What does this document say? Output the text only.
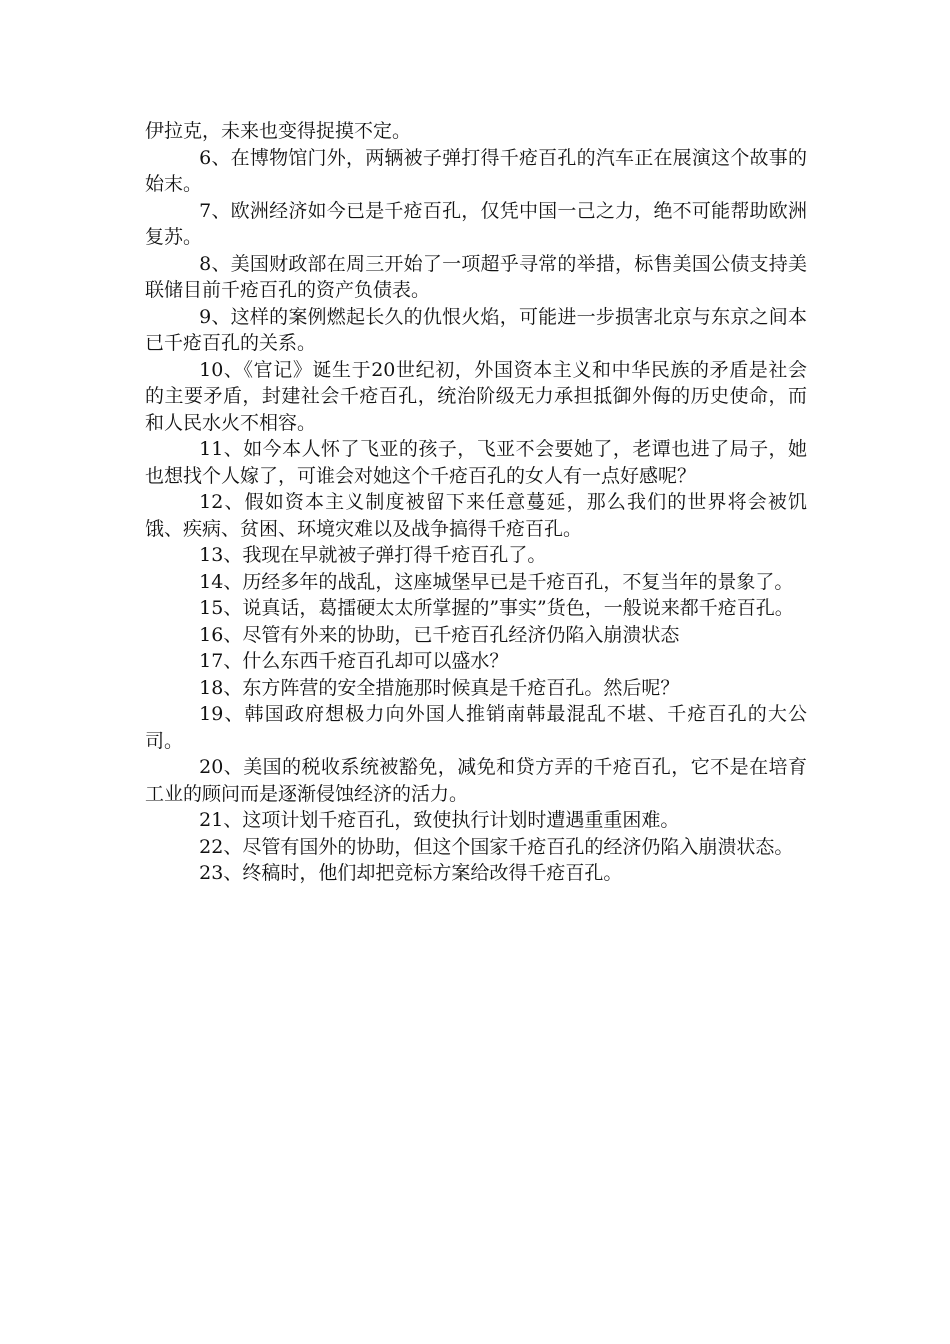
伊拉克，未来也变得捉摸不定。

6、在博物馆门外，两辆被子弹打得千疮百孔的汽车正在展演这个故事的始末。

7、欧洲经济如今已是千疮百孔，仅凭中国一己之力，绝不可能帮助欧洲复苏。

8、美国财政部在周三开始了一项超乎寻常的举措，标售美国公债支持美联储目前千疮百孔的资产负债表。

9、这样的案例燃起长久的仇恨火焰，可能进一步损害北京与东京之间本已千疮百孔的关系。

10、《官记》诞生于20世纪初，外国资本主义和中华民族的矛盾是社会的主要矛盾，封建社会千疮百孔，统治阶级无力承担抵御外侮的历史使命，而和人民水火不相容。

11、如今本人怀了飞亚的孩子，飞亚不会要她了，老谭也进了局子，她也想找个人嫁了，可谁会对她这个千疮百孔的女人有一点好感呢？

12、假如资本主义制度被留下来任意蔓延，那么我们的世界将会被饥饿、疾病、贫困、环境灾难以及战争搞得千疮百孔。

13、我现在早就被子弹打得千疮百孔了。

14、历经多年的战乱，这座城堡早已是千疮百孔，不复当年的景象了。

15、说真话，葛擂硬太太所掌握的”事实”货色，一般说来都千疮百孔。

16、尽管有外来的协助，已千疮百孔经济仍陷入崩溃状态

17、什么东西千疮百孔却可以盛水？

18、东方阵营的安全措施那时候真是千疮百孔。然后呢？

19、韩国政府想极力向外国人推销南韩最混乱不堪、千疮百孔的大公司。

20、美国的税收系统被豁免，减免和贷方弄的千疮百孔，它不是在培育工业的顾问而是逐渐侵蚀经济的活力。

21、这项计划千疮百孔，致使执行计划时遭遇重重困难。

22、尽管有国外的协助，但这个国家千疮百孔的经济仍陷入崩溃状态。

23、终稿时，他们却把竞标方案给改得千疮百孔。
